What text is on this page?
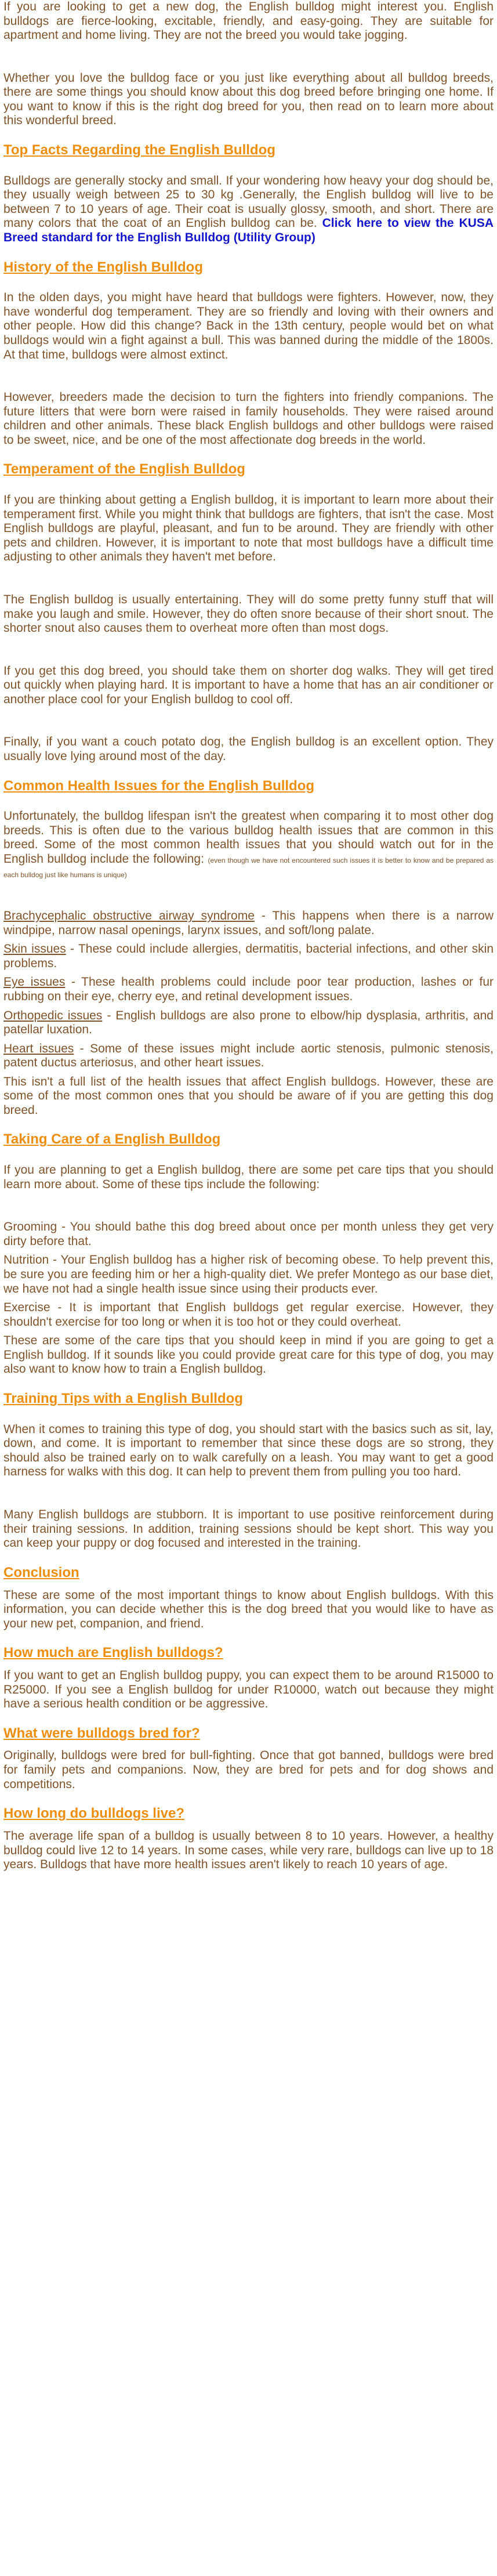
If you are looking to get a new dog, the English bulldog might interest you. English bulldogs are fierce-looking, excitable, friendly, and easy-going. They are suitable for apartment and home living. They are not the breed you would take jogging.

Whether you love the bulldog face or you just like everything about all bulldog breeds, there are some things you should know about this dog breed before bringing one home. If you want to know if this is the right dog breed for you, then read on to learn more about this wonderful breed.

Top Facts Regarding the English Bulldog

Bulldogs are generally stocky and small. If your wondering how heavy your dog should be, they usually weigh between 25 to 30 kg .Generally, the English bulldog will live to be between 7 to 10 years of age. Their coat is usually glossy, smooth, and short. There are many colors that the coat of an English bulldog can be. Click here to view the KUSA Breed standard for the English Bulldog (Utility Group)

History of the English Bulldog

In the olden days, you might have heard that bulldogs were fighters. However, now, they have wonderful dog temperament. They are so friendly and loving with their owners and other people. How did this change? Back in the 13th century, people would bet on what bulldogs would win a fight against a bull. This was banned during the middle of the 1800s. At that time, bulldogs were almost extinct.

However, breeders made the decision to turn the fighters into friendly companions. The future litters that were born were raised in family households. They were raised around children and other animals. These black English bulldogs and other bulldogs were raised to be sweet, nice, and be one of the most affectionate dog breeds in the world.

Temperament of the English Bulldog

If you are thinking about getting a English bulldog, it is important to learn more about their temperament first. While you might think that bulldogs are fighters, that isn't the case. Most English bulldogs are playful, pleasant, and fun to be around. They are friendly with other pets and children. However, it is important to note that most bulldogs have a difficult time adjusting to other animals they haven't met before.

The English bulldog is usually entertaining. They will do some pretty funny stuff that will make you laugh and smile. However, they do often snore because of their short snout. The shorter snout also causes them to overheat more often than most dogs.

If you get this dog breed, you should take them on shorter dog walks. They will get tired out quickly when playing hard. It is important to have a home that has an air conditioner or another place cool for your English bulldog to cool off.

Finally, if you want a couch potato dog, the English bulldog is an excellent option. They usually love lying around most of the day.

Common Health Issues for the English Bulldog

Unfortunately, the bulldog lifespan isn't the greatest when comparing it to most other dog breeds. This is often due to the various bulldog health issues that are common in this breed. Some of the most common health issues that you should watch out for in the English bulldog include the following: (even though we have not encountered such issues it is better to know and be prepared as each bulldog just like humans is unique)

Brachycephalic obstructive airway syndrome - This happens when there is a narrow windpipe, narrow nasal openings, larynx issues, and soft/long palate.

Skin issues - These could include allergies, dermatitis, bacterial infections, and other skin problems.

Eye issues - These health problems could include poor tear production, lashes or fur rubbing on their eye, cherry eye, and retinal development issues.

Orthopedic issues - English bulldogs are also prone to elbow/hip dysplasia, arthritis, and patellar luxation.

Heart issues - Some of these issues might include aortic stenosis, pulmonic stenosis, patent ductus arteriosus, and other heart issues.

This isn't a full list of the health issues that affect English bulldogs. However, these are some of the most common ones that you should be aware of if you are getting this dog breed.

Taking Care of a English Bulldog

If you are planning to get a English bulldog, there are some pet care tips that you should learn more about. Some of these tips include the following:

Grooming - You should bathe this dog breed about once per month unless they get very dirty before that.

Nutrition - Your English bulldog has a higher risk of becoming obese. To help prevent this, be sure you are feeding him or her a high-quality diet. We prefer Montego as our base diet, we have not had a single health issue since using their products ever.

Exercise - It is important that English bulldogs get regular exercise. However, they shouldn't exercise for too long or when it is too hot or they could overheat.

These are some of the care tips that you should keep in mind if you are going to get a English bulldog. If it sounds like you could provide great care for this type of dog, you may also want to know how to train a English bulldog.

Training Tips with a English Bulldog

When it comes to training this type of dog, you should start with the basics such as sit, lay, down, and come. It is important to remember that since these dogs are so strong, they should also be trained early on to walk carefully on a leash. You may want to get a good harness for walks with this dog. It can help to prevent them from pulling you too hard.

Many English bulldogs are stubborn. It is important to use positive reinforcement during their training sessions. In addition, training sessions should be kept short. This way you can keep your puppy or dog focused and interested in the training.

Conclusion

These are some of the most important things to know about English bulldogs. With this information, you can decide whether this is the dog breed that you would like to have as your new pet, companion, and friend.

How much are English bulldogs?

If you want to get an English bulldog puppy, you can expect them to be around R15000 to R25000. If you see a English bulldog for under R10000, watch out because they might have a serious health condition or be aggressive.

What were bulldogs bred for?

Originally, bulldogs were bred for bull-fighting. Once that got banned, bulldogs were bred for family pets and companions. Now, they are bred for pets and for dog shows and competitions.

How long do bulldogs live?

The average life span of a bulldog is usually between 8 to 10 years. However, a healthy bulldog could live 12 to 14 years. In some cases, while very rare, bulldogs can live up to 18 years. Bulldogs that have more health issues aren't likely to reach 10 years of age.
